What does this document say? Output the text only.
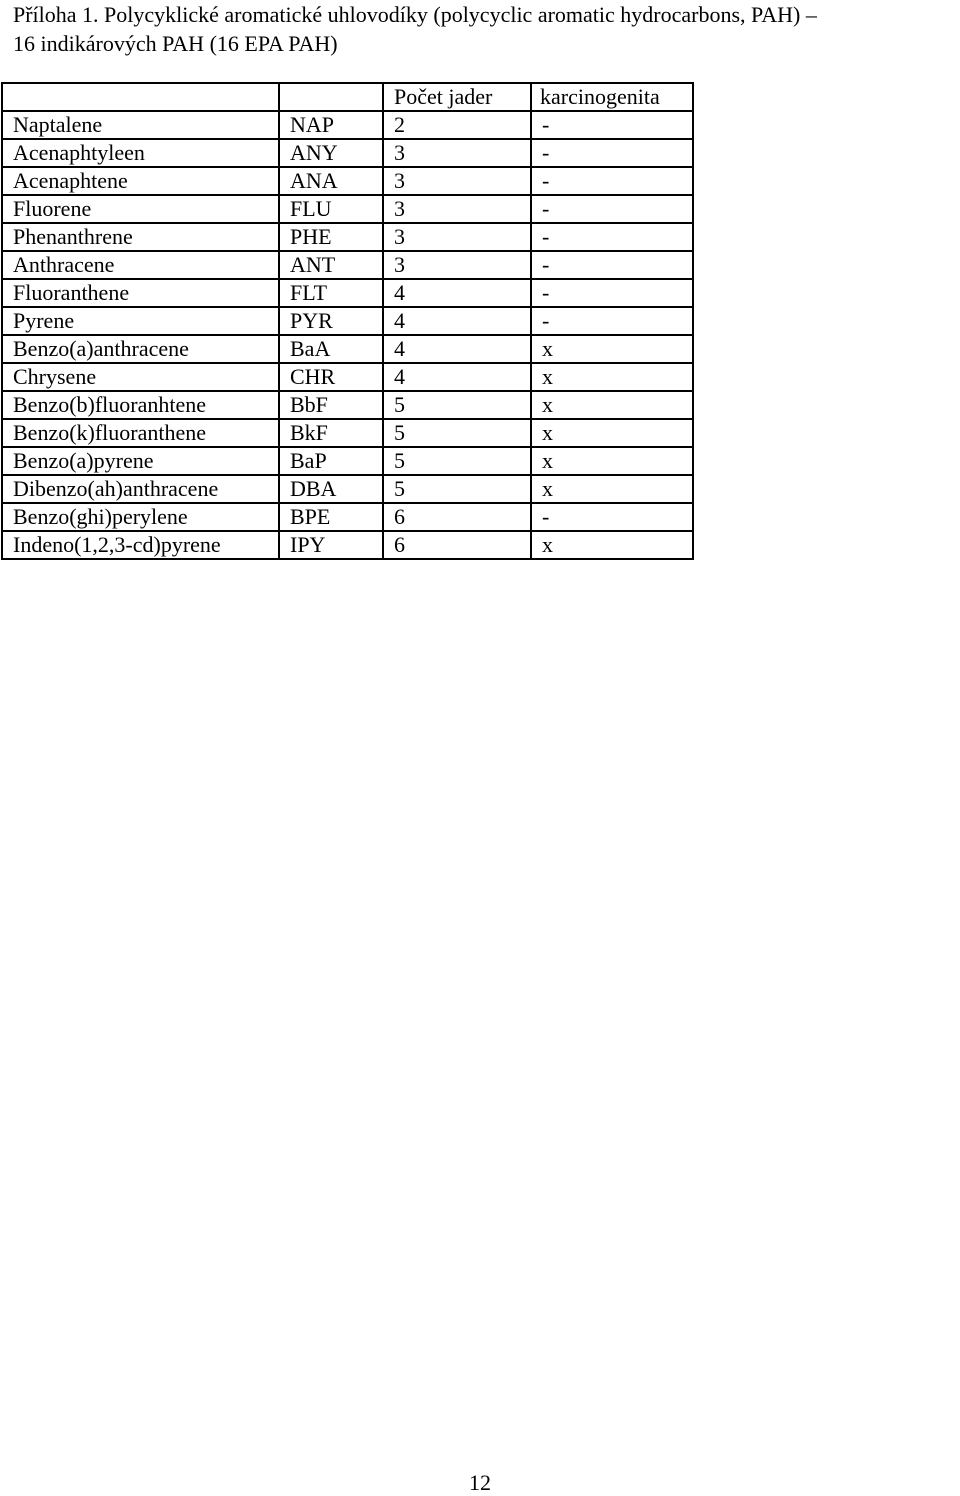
Příloha 1. Polycyklické aromatické uhlovodíky (polycyclic aromatic hydrocarbons, PAH) –
16 indikárových PAH (16 EPA PAH)
		Počet jader	karcinogenita
Naptalene	NAP	2	-
Acenaphtyleen	ANY	3	-
Acenaphtene	ANA	3	-
Fluorene	FLU	3	-
Phenanthrene	PHE	3	-
Anthracene	ANT	3	-
Fluoranthene	FLT	4	-
Pyrene	PYR	4	-
Benzo(a)anthracene	BaA	4	x
Chrysene	CHR	4	x
Benzo(b)fluoranhtene	BbF	5	x
Benzo(k)fluoranthene	BkF	5	x
Benzo(a)pyrene	BaP	5	x
Dibenzo(ah)anthracene	DBA	5	x
Benzo(ghi)perylene	BPE	6	-
Indeno(1,2,3-cd)pyrene	IPY	6	x
12
